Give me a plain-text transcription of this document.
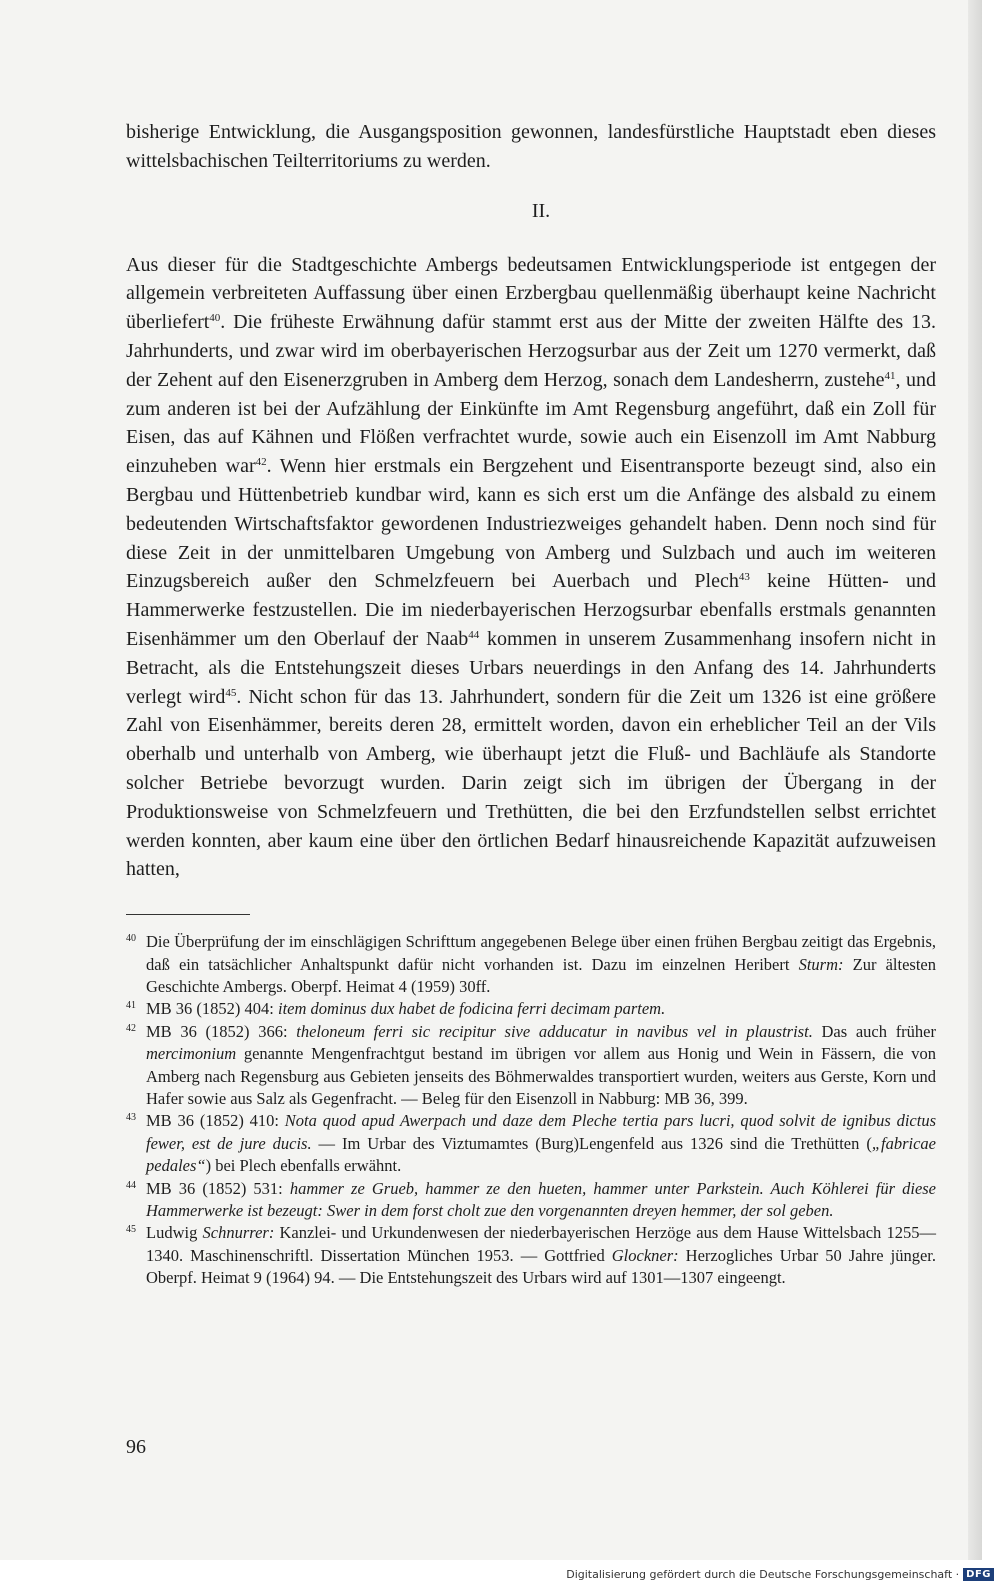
bisherige Entwicklung, die Ausgangsposition gewonnen, landesfürstliche Hauptstadt eben dieses wittelsbachischen Teilterritoriums zu werden.

II.

Aus dieser für die Stadtgeschichte Ambergs bedeutsamen Entwicklungsperiode ist entgegen der allgemein verbreiteten Auffassung über einen Erzbergbau quellenmäßig überhaupt keine Nachricht überliefert$^{40}$. Die früheste Erwähnung dafür stammt erst aus der Mitte der zweiten Hälfte des 13. Jahrhunderts, und zwar wird im oberbayerischen Herzogsurbar aus der Zeit um 1270 vermerkt, daß der Zehent auf den Eisenerzgruben in Amberg dem Herzog, sonach dem Landesherrn, zustehe$^{41}$, und zum anderen ist bei der Aufzählung der Einkünfte im Amt Regensburg angeführt, daß ein Zoll für Eisen, das auf Kähnen und Flößen verfrachtet wurde, sowie auch ein Eisenzoll im Amt Nabburg einzuheben war$^{42}$. Wenn hier erstmals ein Bergzehent und Eisentransporte bezeugt sind, also ein Bergbau und Hüttenbetrieb kundbar wird, kann es sich erst um die Anfänge des alsbald zu einem bedeutenden Wirtschaftsfaktor gewordenen Industriezweiges gehandelt haben. Denn noch sind für diese Zeit in der unmittelbaren Umgebung von Amberg und Sulzbach und auch im weiteren Einzugsbereich außer den Schmelzfeuern bei Auerbach und Plech$^{43}$ keine Hütten- und Hammerwerke festzustellen. Die im niederbayerischen Herzogsurbar ebenfalls erstmals genannten Eisenhämmer um den Oberlauf der Naab$^{44}$ kommen in unserem Zusammenhang insofern nicht in Betracht, als die Entstehungszeit dieses Urbars neuerdings in den Anfang des 14. Jahrhunderts verlegt wird$^{45}$. Nicht schon für das 13. Jahrhundert, sondern für die Zeit um 1326 ist eine größere Zahl von Eisenhämmer, bereits deren 28, ermittelt worden, davon ein erheblicher Teil an der Vils oberhalb und unterhalb von Amberg, wie überhaupt jetzt die Fluß- und Bachläufe als Standorte solcher Betriebe bevorzugt wurden. Darin zeigt sich im übrigen der Übergang in der Produktionsweise von Schmelzfeuern und Trethütten, die bei den Erzfundstellen selbst errichtet werden konnten, aber kaum eine über den örtlichen Bedarf hinausreichende Kapazität aufzuweisen hatten,

40 Die Überprüfung der im einschlägigen Schrifttum angegebenen Belege über einen frühen Bergbau zeitigt das Ergebnis, daß ein tatsächlicher Anhaltspunkt dafür nicht vorhanden ist. Dazu im einzelnen Heribert Sturm: Zur ältesten Geschichte Ambergs. Oberpf. Heimat 4 (1959) 30ff.
41 MB 36 (1852) 404: item dominus dux habet de fodicina ferri decimam partem.
42 MB 36 (1852) 366: theloneum ferri sic recipitur sive adducatur in navibus vel in plaustrist. Das auch früher mercimonium genannte Mengenfrachtgut bestand im übrigen vor allem aus Honig und Wein in Fässern, die von Amberg nach Regensburg aus Gebieten jenseits des Böhmerwaldes transportiert wurden, weiters aus Gerste, Korn und Hafer sowie aus Salz als Gegenfracht. — Beleg für den Eisenzoll in Nabburg: MB 36, 399.
43 MB 36 (1852) 410: Nota quod apud Awerpach und daze dem Pleche tertia pars lucri, quod solvit de ignibus dictus fewer, est de jure ducis. — Im Urbar des Viztumamtes (Burg)Lengenfeld aus 1326 sind die Trethütten („fabricae pedales“) bei Plech ebenfalls erwähnt.
44 MB 36 (1852) 531: hammer ze Grueb, hammer ze den hueten, hammer unter Parkstein. Auch Köhlerei für diese Hammerwerke ist bezeugt: Swer in dem forst cholt zue den vorgenannten dreyen hemmer, der sol geben.
45 Ludwig Schnurrer: Kanzlei- und Urkundenwesen der niederbayerischen Herzöge aus dem Hause Wittelsbach 1255—1340. Maschinenschriftl. Dissertation München 1953. — Gottfried Glockner: Herzogliches Urbar 50 Jahre jünger. Oberpf. Heimat 9 (1964) 94. — Die Entstehungszeit des Urbars wird auf 1301—1307 eingeengt.
96
Digitalisierung gefördert durch die Deutsche Forschungsgemeinschaft · DFG
